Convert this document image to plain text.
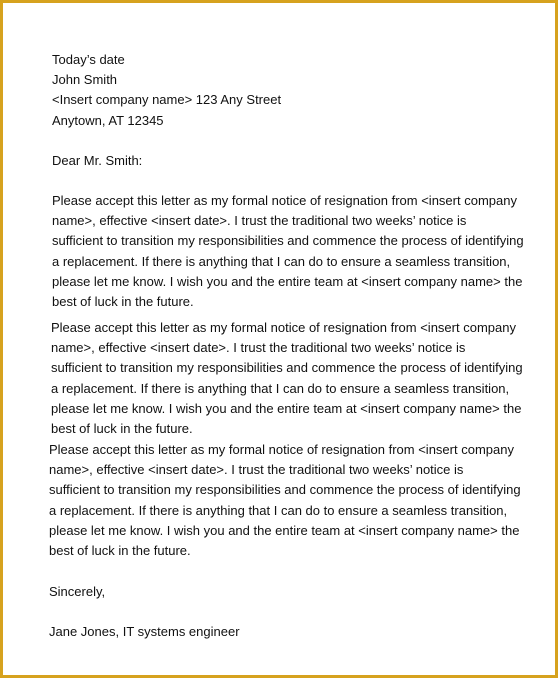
Today’s date
John Smith
<Insert company name> 123 Any Street
Anytown, AT 12345
Dear Mr. Smith:
Please accept this letter as my formal notice of resignation from <insert company
name>, effective <insert date>. I trust the traditional two weeks’ notice is
sufficient to transition my responsibilities and commence the process of identifying
a replacement. If there is anything that I can do to ensure a seamless transition,
please let me know. I wish you and the entire team at <insert company name> the
best of luck in the future.
Please accept this letter as my formal notice of resignation from <insert company
name>, effective <insert date>. I trust the traditional two weeks’ notice is
sufficient to transition my responsibilities and commence the process of identifying
a replacement. If there is anything that I can do to ensure a seamless transition,
please let me know. I wish you and the entire team at <insert company name> the
best of luck in the future.
Please accept this letter as my formal notice of resignation from <insert company
name>, effective <insert date>. I trust the traditional two weeks’ notice is
sufficient to transition my responsibilities and commence the process of identifying
a replacement. If there is anything that I can do to ensure a seamless transition,
please let me know. I wish you and the entire team at <insert company name> the
best of luck in the future.
Sincerely,
Jane Jones, IT systems engineer
